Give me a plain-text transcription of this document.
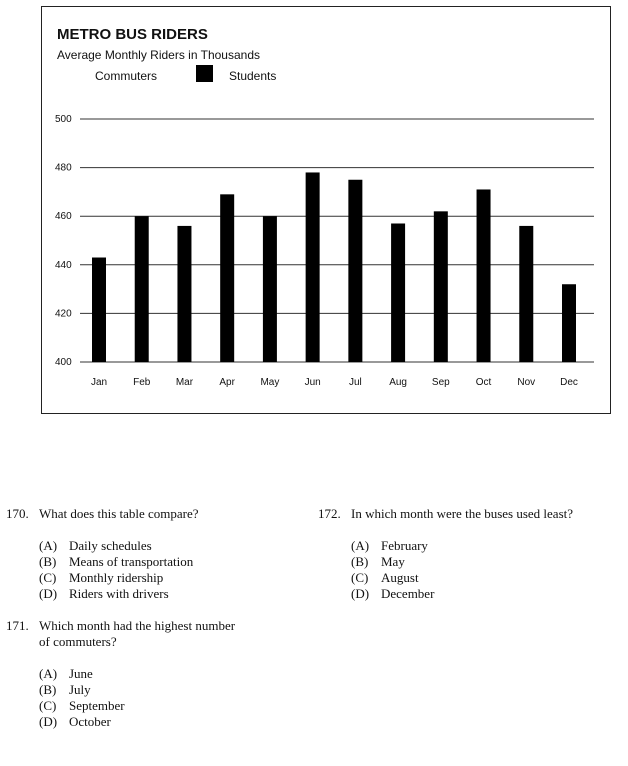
METRO BUS RIDERS
Average Monthly Riders in Thousands
Commuters	Students
400
420
440
460
480
500
Jan	Feb	Mar	Apr	May	Jun	Jul	Aug Sep	Oct	Nov Dec
170. What does this table compare?
(A) Daily schedules
(B) Means of transportation
(C) Monthly ridership
(D) Riders with drivers
171. Which month had the highest number
of commuters?
(A) June
(B) July
(C) September
(D) October
172. In which month were the buses used least?
(A) February
(B) May
(C) August
(D) December
